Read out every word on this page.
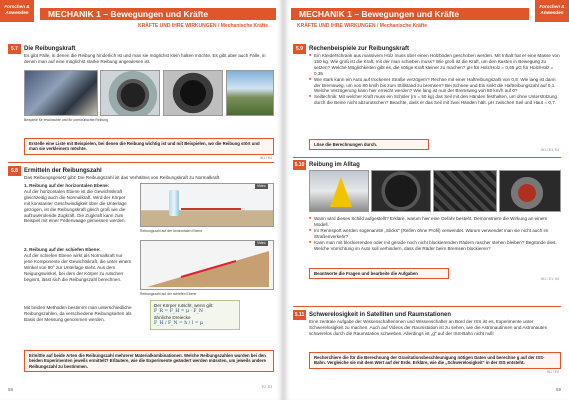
Forschen & Anwenden	MECHANIK 1 – Bewegungen und Kräfte
KRÄFTE UND IHRE WIRKUNGEN / Mechanische Kräfte
5.7	Die Reibungskraft
Es gibt Fälle, in denen die Reibung hinderlich ist und man sie möglichst klein halten möchte. Es gibt aber auch Fälle, in denen man auf eine möglichst starke Reibung angewiesen ist.
Beispiele für erwünschte und für unerwünschte Reibung
Erstelle eine Liste mit Beispielen, bei denen die Reibung wichtig ist und mit Beispielen, wo die Reibung stört und man sie verkleinern möchte.
W1 / K4
5.8	Ermitteln der Reibungszahl
Das Reibungsgesetz gibt: Die Reibungszahl ist das Verhältnis von Reibungskraft zu Normalkraft.
1. Reibung auf der horizontalen Ebene:
Auf der horizontalen Ebene ist die Gewichtskraft gleichzeitig auch die Normalkraft. Wird der Körper mit konstanter Geschwindigkeit über die Unterlage gezogen, ist die Reibungskraft gleich groß wie die aufzuwendende Zugkraft. Die Zugkraft kann zum Beispiel mit einer Federwaage gemessen werden.
Video
Reibungszahl auf der horizontalen Ebene
2. Reibung auf der schiefen Ebene:
Auf der schiefen Ebene wirkt als Normalkraft nur jene Komponente der Gewichtskraft, die unter einem Winkel von 90° zur Unterlage steht. Aus dem Neigungswinkel, bei dem der Körper zu rutschen beginnt, lässt sich die Reibungszahl berechnen.
Video
Reibungszahl auf der schiefen Ebene
Der Körper rutscht, wenn gilt:
F_R = F_H = μ · F_N
ähnliche Dreiecke
F_H / F_N = h / l = μ
Mit beiden Methoden bestimmt man unterschiedliche Reibungszahlen, da verschiedene Reibungsarten als Basis der Messung genommen werden.
Ermittle auf beide Arten die Reibungszahl mehrerer Materialkombinationen. Welche Reibungszahlen wurden bei den beiden Experimenten jeweils ermittelt? Erläutere, wie die Experimente geändert werden müssten, um jeweils andere Reibungszahl zu bestimmen.
E2, E3
58
Forschen & Anwenden
MECHANIK 1 – Bewegungen und Kräfte
KRÄFTE UND IHRE WIRKUNGEN / Mechanische Kräfte
5.9	Rechenbeispiele zur Reibungskraft
■ Ein Kleiderschrank aus massivem Holz muss über einen Holzboden geschoben werden. Mit Inhalt hat er eine Masse von 150 kg. Wie groß ist die Kraft, mit der man schieben muss? Wie groß ist die Kraft, um den Kasten in Bewegung zu setzen? Welche Möglichkeiten gibt es, die nötige Kraft kleiner zu machen? μH für Holz/Holz = 0,65 μG für Holz/Holz = 0,35
■ Wie stark kann ein Auto auf trockener Straße verzögern? Rechne mit einer Haftreibungszahl von 0,8. Wie lang ist dann der Bremsweg, um von 80 km/h bis zum Stillstand zu bremsen? Bei Schnee und Eis sinkt die Haftreibungszahl auf 0,1. Welche Verzögerung kann hier erreicht werden? Wie lang ist nun der Bremsweg von 80 km/h auf 0?
■ Seiltechnik: Mit welcher Kraft muss ein Schüler (m = 50 kg) das Seil mit den Händen festhalten, um ohne Unterstützung durch die Beine nicht abzurutschen? Beachte, dass er das Seil mit zwei Händen hält. μH zwischen Seil und Haut = 0,7.
Löse die Berechnungen durch.
W1 / E1, E4
5.10 Reibung im Alltag
■ Wann wird dieses Schild aufgestellt? Erkläre, warum hier eine Gefahr besteht. Demonstriere die Wirkung an einem Modell.
■ Im Rennsport werden sogenannte „Slicks" (Reifen ohne Profil) verwendet. Warum verwendet man sie nicht auch im Straßenverkehr?
■ Kann man mit blockierenden oder mit gerade noch nicht blockierenden Rädern rascher stehen bleiben? Begründe dies. Welche Vorrichtung im Auto soll verhindern, dass die Räder beim Bremsen blockieren?
Beantworte die Fragen und bearbeite die Aufgaben
W1 / E1, K4
5.11 Schwerelosigkeit in Satelliten und Raumstationen
Eine zentrale Aufgabe der Wissenschafterinnen und Wissenschafter an Bord der ISS ist es, Experimente unter Schwerelosigkeit zu machen. Auch auf Videos der Raumstation ist zu sehen, wie die Astronautinnen und Astronauten schwerelos durch die Raumstation schweben. Allerdings ist „g" auf der ISS-Bahn nicht null!
Recherchiere die für die Berechnung der Gravitationsbeschleunigung nötigen Daten und berechne g auf der ISS-Bahn. Vergleiche sie mit dem Wert auf der Erde. Erkläre, wie die „Schwerelosigkeit" in der ISS entsteht.
W1 / E4
59
